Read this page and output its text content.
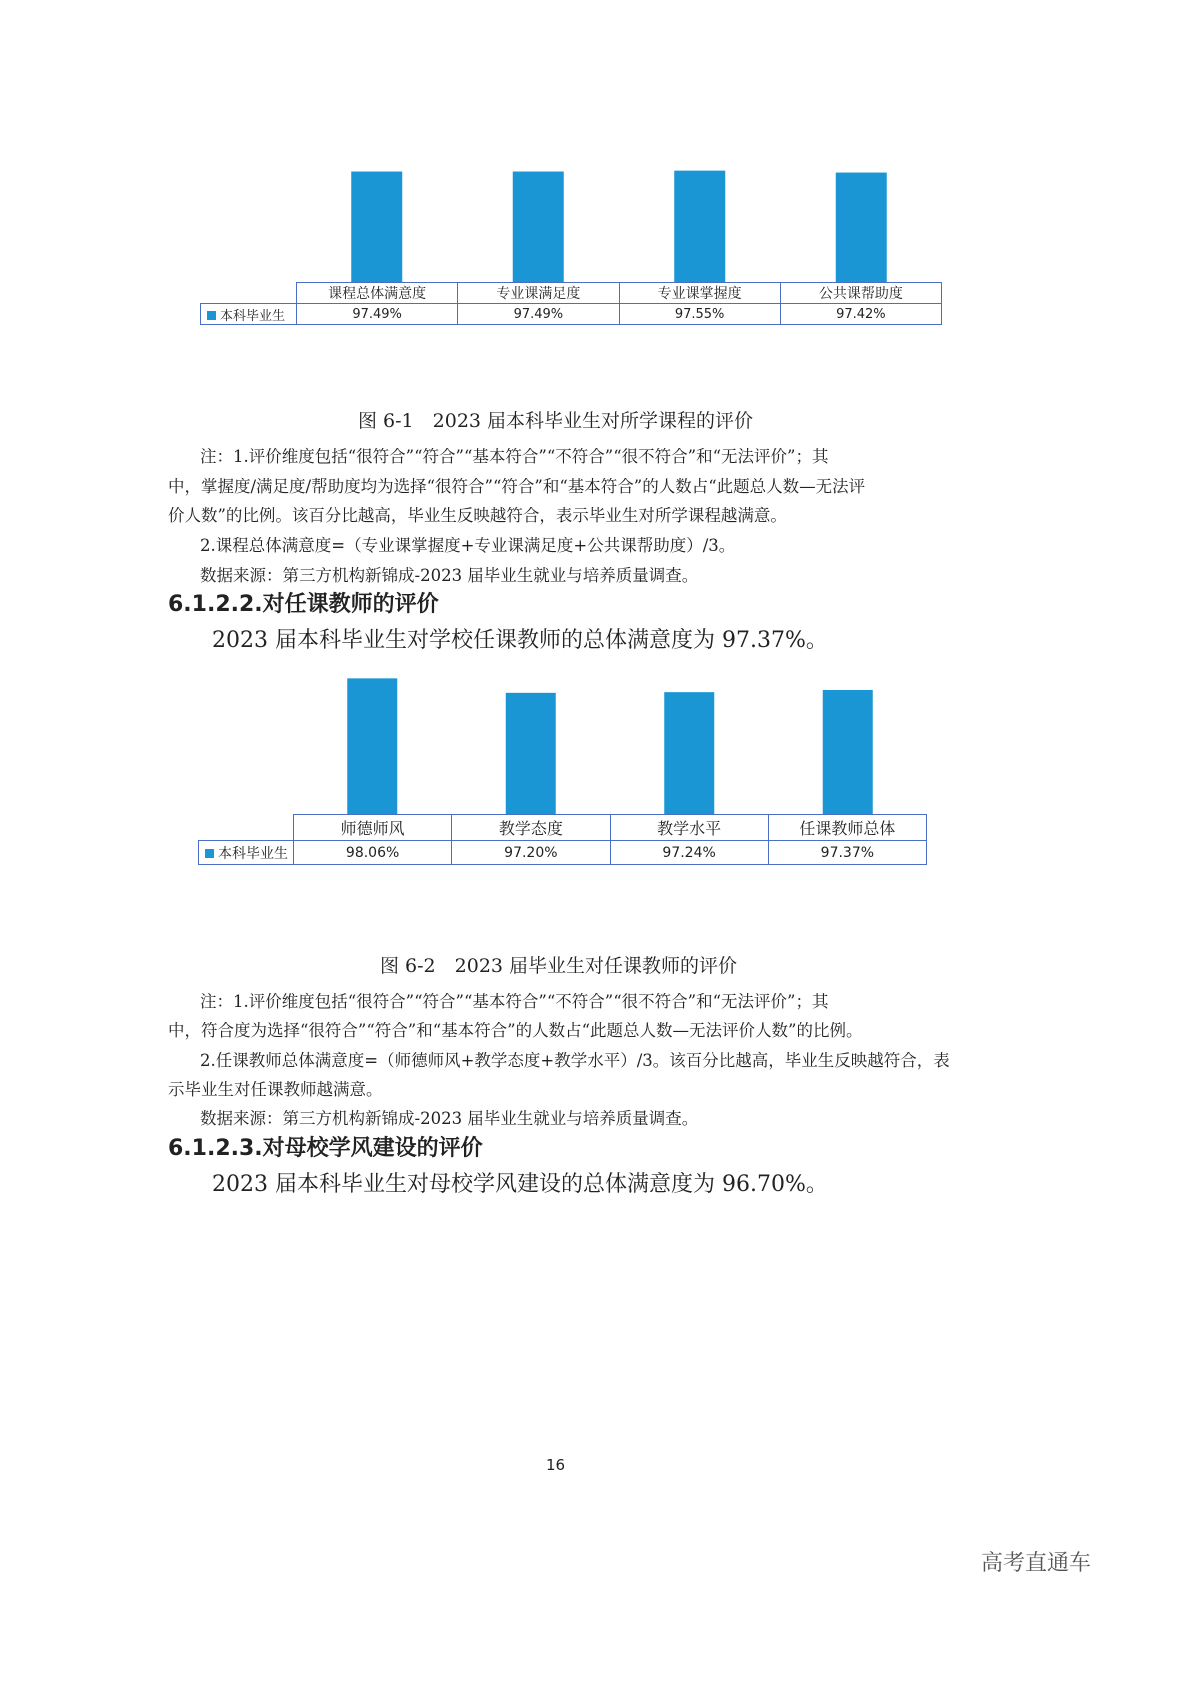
	课程总体满意度	专业课满足度	专业课掌握度	公共课帮助度
本科毕业生	97.49%	97.49%	97.55%	97.42%
图 6-1　2023 届本科毕业生对所学课程的评价
注：1.评价维度包括“很符合”“符合”“基本符合”“不符合”“很不符合”和“无法评价”；其
中，掌握度/满足度/帮助度均为选择“很符合”“符合”和“基本符合”的人数占“此题总人数—无法评
价人数”的比例。该百分比越高，毕业生反映越符合，表示毕业生对所学课程越满意。
2.课程总体满意度=（专业课掌握度+专业课满足度+公共课帮助度）/3。
数据来源：第三方机构新锦成-2023 届毕业生就业与培养质量调查。
6.1.2.2.对任课教师的评价
2023 届本科毕业生对学校任课教师的总体满意度为 97.37%。
	师德师风	教学态度	教学水平	任课教师总体
本科毕业生	98.06%	97.20%	97.24%	97.37%
图 6-2　2023 届毕业生对任课教师的评价
注：1.评价维度包括“很符合”“符合”“基本符合”“不符合”“很不符合”和“无法评价”；其
中，符合度为选择“很符合”“符合”和“基本符合”的人数占“此题总人数—无法评价人数”的比例。
2.任课教师总体满意度=（师德师风+教学态度+教学水平）/3。该百分比越高，毕业生反映越符合，表
示毕业生对任课教师越满意。
数据来源：第三方机构新锦成-2023 届毕业生就业与培养质量调查。
6.1.2.3.对母校学风建设的评价
2023 届本科毕业生对母校学风建设的总体满意度为 96.70%。
16
高考直通车
